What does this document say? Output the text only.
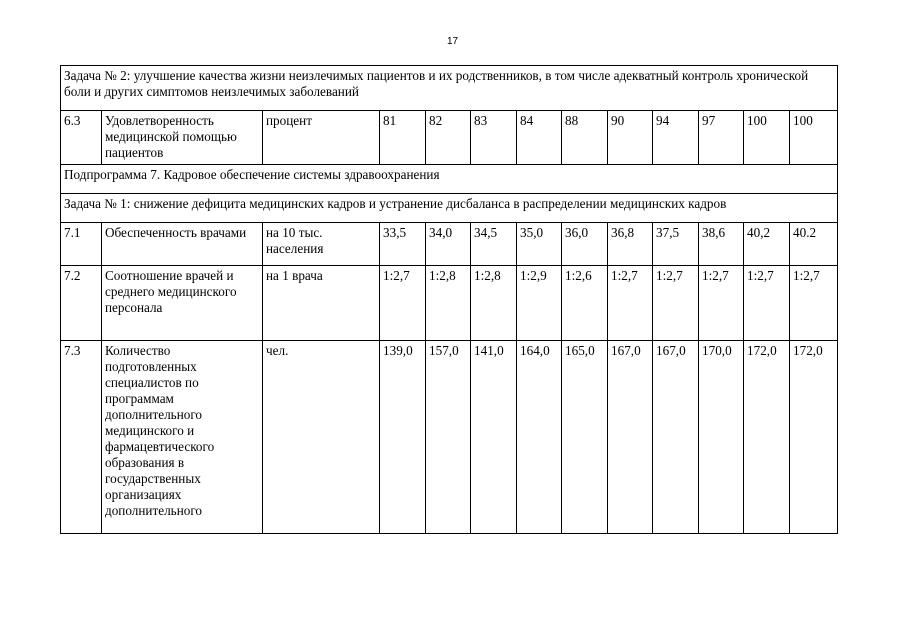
17
Задача № 2: улучшение качества жизни неизлечимых пациентов и их родственников, в том числе адекватный контроль хронической боли и других симптомов неизлечимых заболеваний												
6.3	Удовлетворенность медицинской помощью пациентов	процент	81	82	83	84	88	90	94	97	100	100
Подпрограмма 7. Кадровое обеспечение системы здравоохранения												
Задача № 1: снижение дефицита медицинских кадров и устранение дисбаланса в распределении медицинских кадров												
7.1	Обеспеченность врачами	на 10 тыс. населения	33,5	34,0	34,5	35,0	36,0	36,8	37,5	38,6	40,2	40.2
7.2	Соотношение врачей и среднего медицинского персонала	на 1 врача	1:2,7	1:2,8	1:2,8	1:2,9	1:2,6	1:2,7	1:2,7	1:2,7	1:2,7	1:2,7
7.3	Количество подготовленных специалистов по программам дополнительного медицинского и фармацевтического образования в государственных организациях дополнительного	чел.	139,0	157,0	141,0	164,0	165,0	167,0	167,0	170,0	172,0	172,0
